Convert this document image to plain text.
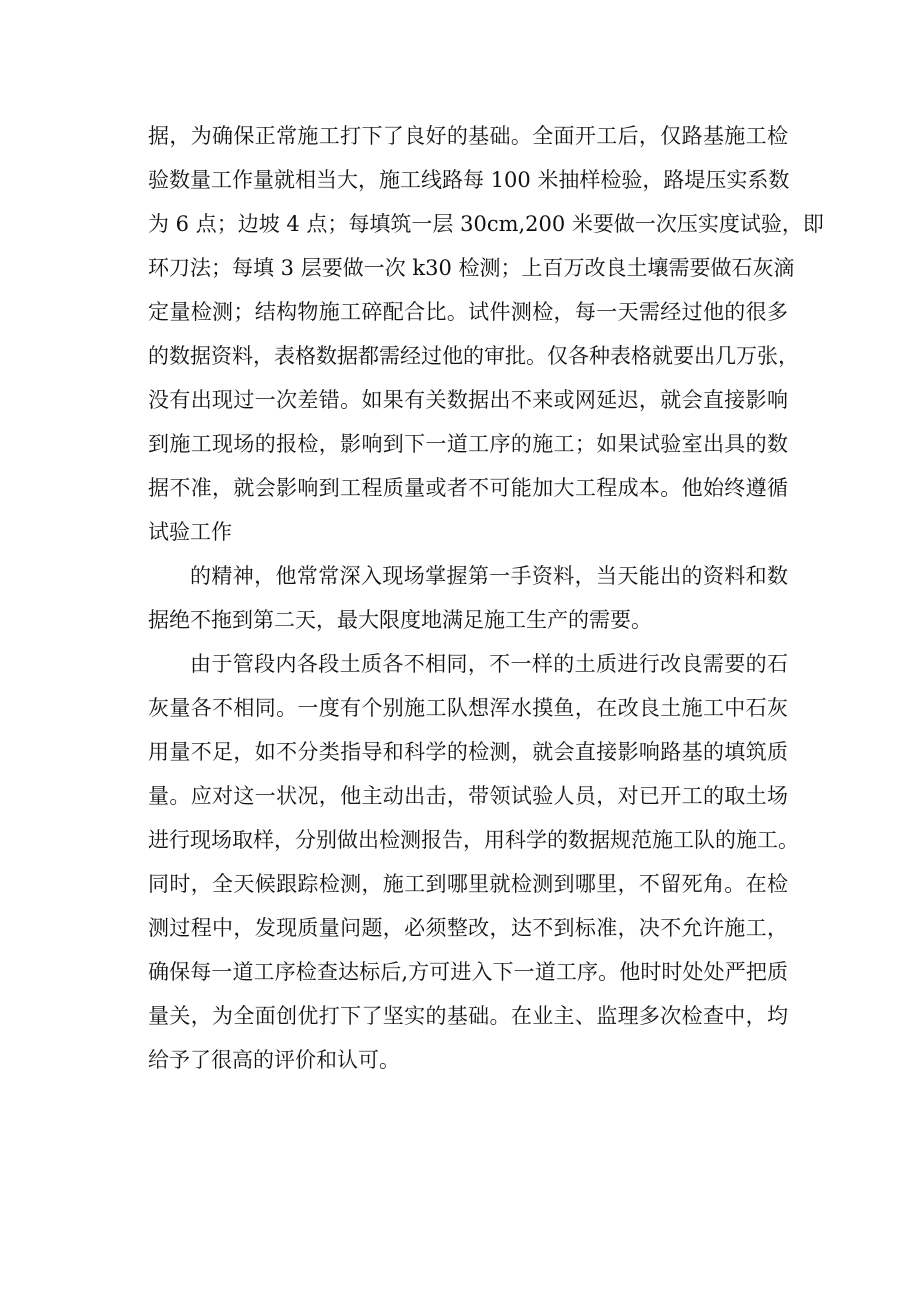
据，为确保正常施工打下了良好的基础。全面开工后，仅路基施工检
验数量工作量就相当大，施工线路每 100 米抽样检验，路堤压实系数
为 6 点；边坡 4 点；每填筑一层 30cm,200 米要做一次压实度试验，即
环刀法；每填 3 层要做一次 k30 检测；上百万改良土壤需要做石灰滴
定量检测；结构物施工碎配合比。试件测检，每一天需经过他的很多
的数据资料，表格数据都需经过他的审批。仅各种表格就要出几万张，
没有出现过一次差错。如果有关数据出不来或网延迟，就会直接影响
到施工现场的报检，影响到下一道工序的施工；如果试验室出具的数
据不准，就会影响到工程质量或者不可能加大工程成本。他始终遵循
试验工作
的精神，他常常深入现场掌握第一手资料，当天能出的资料和数
据绝不拖到第二天，最大限度地满足施工生产的需要。
由于管段内各段土质各不相同，不一样的土质进行改良需要的石
灰量各不相同。一度有个别施工队想浑水摸鱼，在改良土施工中石灰
用量不足，如不分类指导和科学的检测，就会直接影响路基的填筑质
量。应对这一状况，他主动出击，带领试验人员，对已开工的取土场
进行现场取样，分别做出检测报告，用科学的数据规范施工队的施工。
同时，全天候跟踪检测，施工到哪里就检测到哪里，不留死角。在检
测过程中，发现质量问题，必须整改，达不到标准，决不允许施工，
确保每一道工序检查达标后,方可进入下一道工序。他时时处处严把质
量关，为全面创优打下了坚实的基础。在业主、监理多次检查中，均
给予了很高的评价和认可。
